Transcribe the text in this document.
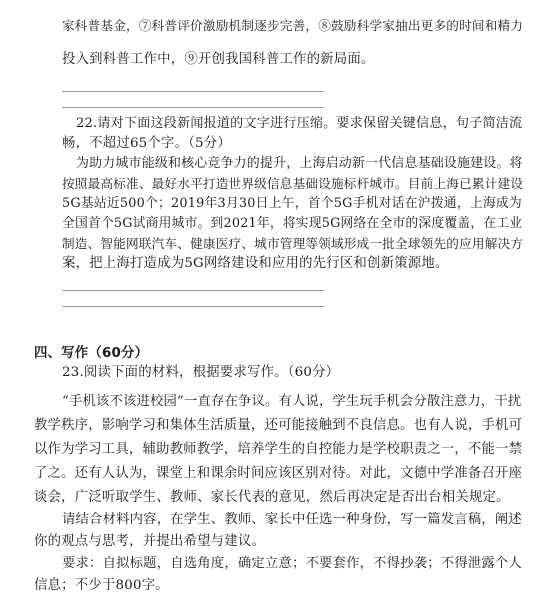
家科普基金，⑦科普评价激励机制逐步完善，⑧鼓励科学家抽出更多的时间和精力
投入到科普工作中，⑨开创我国科普工作的新局面。
22.请对下面这段新闻报道的文字进行压缩。要求保留关键信息，句子简洁流
畅，不超过65个字。（5分）
为助力城市能级和核心竞争力的提升，上海启动新一代信息基础设施建设。将
按照最高标准、最好水平打造世界级信息基础设施标杆城市。目前上海已累计建设
5G基站近500个；2019年3月30日上午，首个5G手机对话在沪拨通，上海成为
全国首个5G试商用城市。到2021年，将实现5G网络在全市的深度覆盖，在工业
制造、智能网联汽车、健康医疗、城市管理等领域形成一批全球领先的应用解决方
案，把上海打造成为5G网络建设和应用的先行区和创新策源地。
四、写作（60分）
23.阅读下面的材料，根据要求写作。（60分）
“手机该不该进校园”一直存在争议。有人说，学生玩手机会分散注意力，干扰
教学秩序，影响学习和集体生活质量，还可能接触到不良信息。也有人说，手机可
以作为学习工具，辅助教师教学，培养学生的自控能力是学校职责之一，不能一禁
了之。还有人认为，课堂上和课余时间应该区别对待。对此，文德中学准备召开座
谈会，广泛听取学生、教师、家长代表的意见，然后再决定是否出台相关规定。
请结合材料内容，在学生、教师、家长中任选一种身份，写一篇发言稿，阐述
你的观点与思考，并提出希望与建议。
要求：自拟标题，自选角度，确定立意；不要套作，不得抄袭；不得泄露个人
信息；不少于800字。
